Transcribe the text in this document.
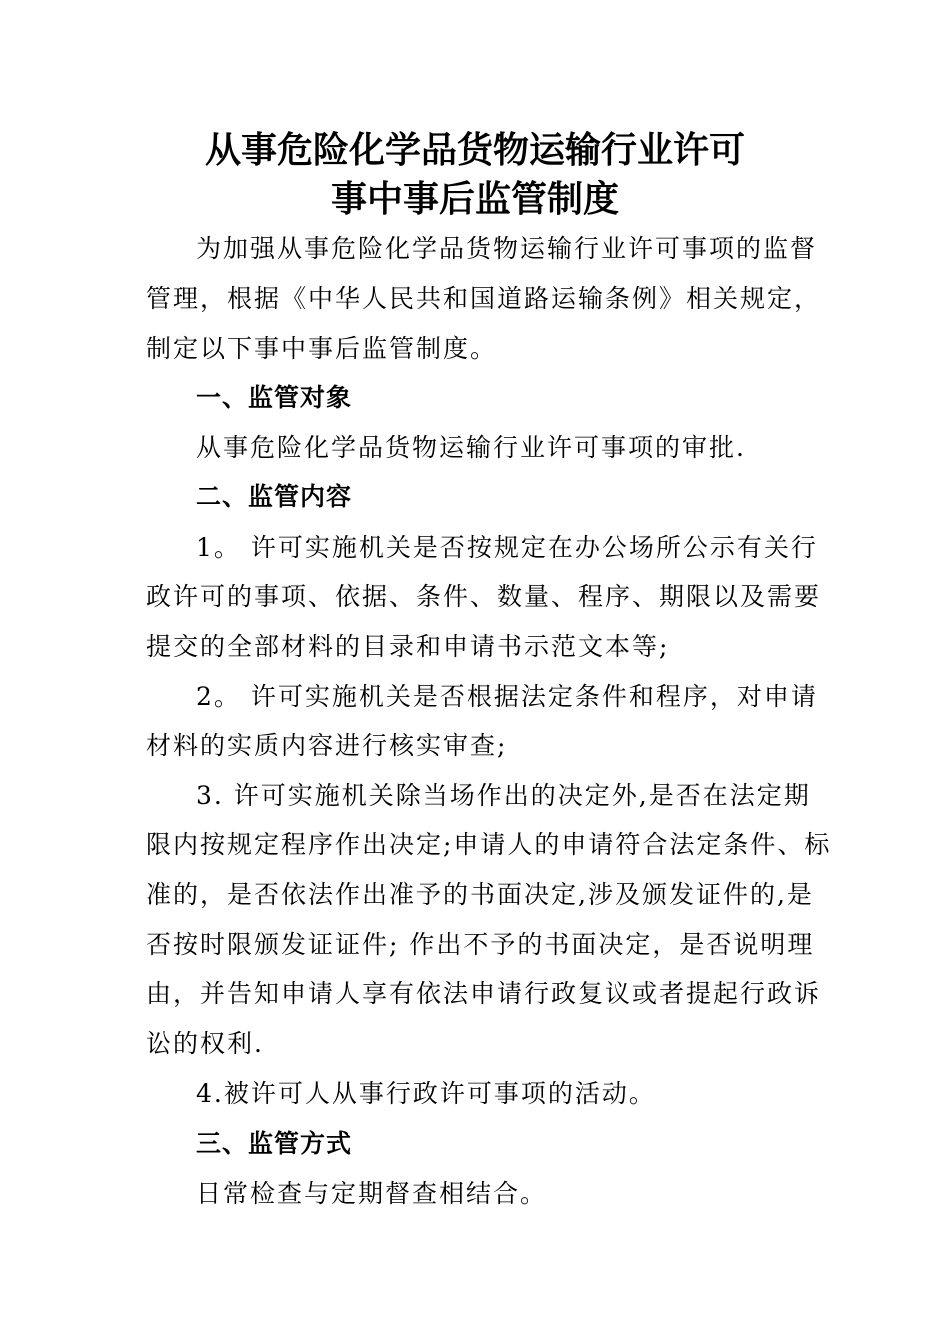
从事危险化学品货物运输行业许可
事中事后监管制度
为加强从事危险化学品货物运输行业许可事项的监督
管理，根据《中华人民共和国道路运输条例》相关规定，
制定以下事中事后监管制度。
一、监管对象
从事危险化学品货物运输行业许可事项的审批.
二、监管内容
1。 许可实施机关是否按规定在办公场所公示有关行
政许可的事项、依据、条件、数量、程序、期限以及需要
提交的全部材料的目录和申请书示范文本等;
2。 许可实施机关是否根据法定条件和程序，对申请
材料的实质内容进行核实审查;
3. 许可实施机关除当场作出的决定外,是否在法定期
限内按规定程序作出决定;申请人的申请符合法定条件、标
准的，是否依法作出准予的书面决定,涉及颁发证件的,是
否按时限颁发证证件; 作出不予的书面决定，是否说明理
由，并告知申请人享有依法申请行政复议或者提起行政诉
讼的权利.
4.被许可人从事行政许可事项的活动。
三、监管方式
日常检查与定期督查相结合。
